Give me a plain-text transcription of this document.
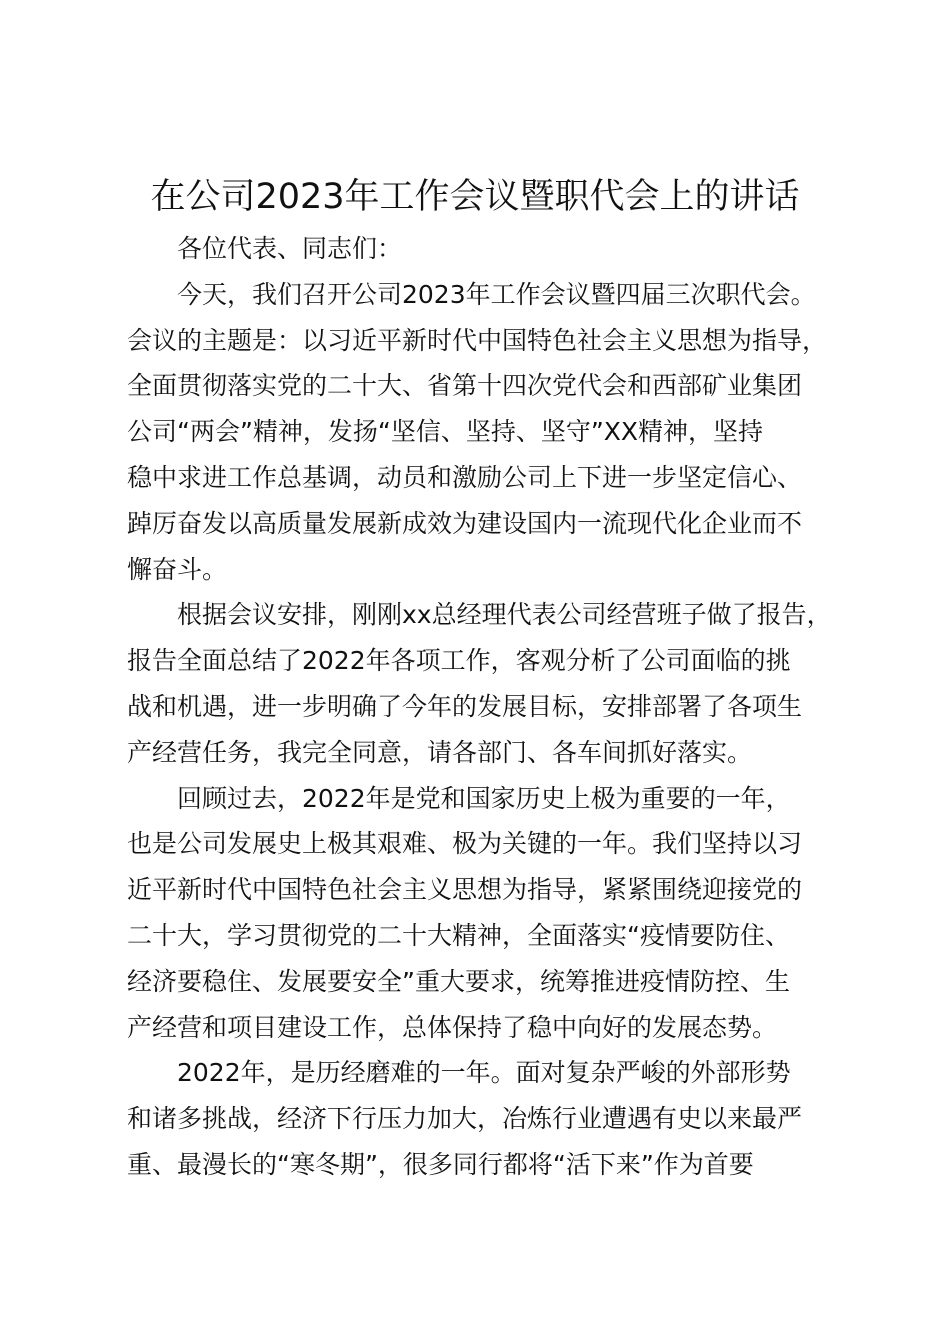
在公司2023年工作会议暨职代会上的讲话

各位代表、同志们：

今天，我们召开公司2023年工作会议暨四届三次职代会。

会议的主题是：以习近平新时代中国特色社会主义思想为指导，

全面贯彻落实党的二十大、省第十四次党代会和西部矿业集团

公司“两会”精神，发扬“坚信、坚持、坚守”XX精神，坚持

稳中求进工作总基调，动员和激励公司上下进一步坚定信心、

踔厉奋发以高质量发展新成效为建设国内一流现代化企业而不

懈奋斗。

根据会议安排，刚刚xx总经理代表公司经营班子做了报告，

报告全面总结了2022年各项工作，客观分析了公司面临的挑

战和机遇，进一步明确了今年的发展目标，安排部署了各项生

产经营任务，我完全同意，请各部门、各车间抓好落实。

回顾过去，2022年是党和国家历史上极为重要的一年，

也是公司发展史上极其艰难、极为关键的一年。我们坚持以习

近平新时代中国特色社会主义思想为指导，紧紧围绕迎接党的

二十大，学习贯彻党的二十大精神，全面落实“疫情要防住、

经济要稳住、发展要安全”重大要求，统筹推进疫情防控、生

产经营和项目建设工作，总体保持了稳中向好的发展态势。

2022年，是历经磨难的一年。面对复杂严峻的外部形势

和诸多挑战，经济下行压力加大，冶炼行业遭遇有史以来最严

重、最漫长的“寒冬期”，很多同行都将“活下来”作为首要
